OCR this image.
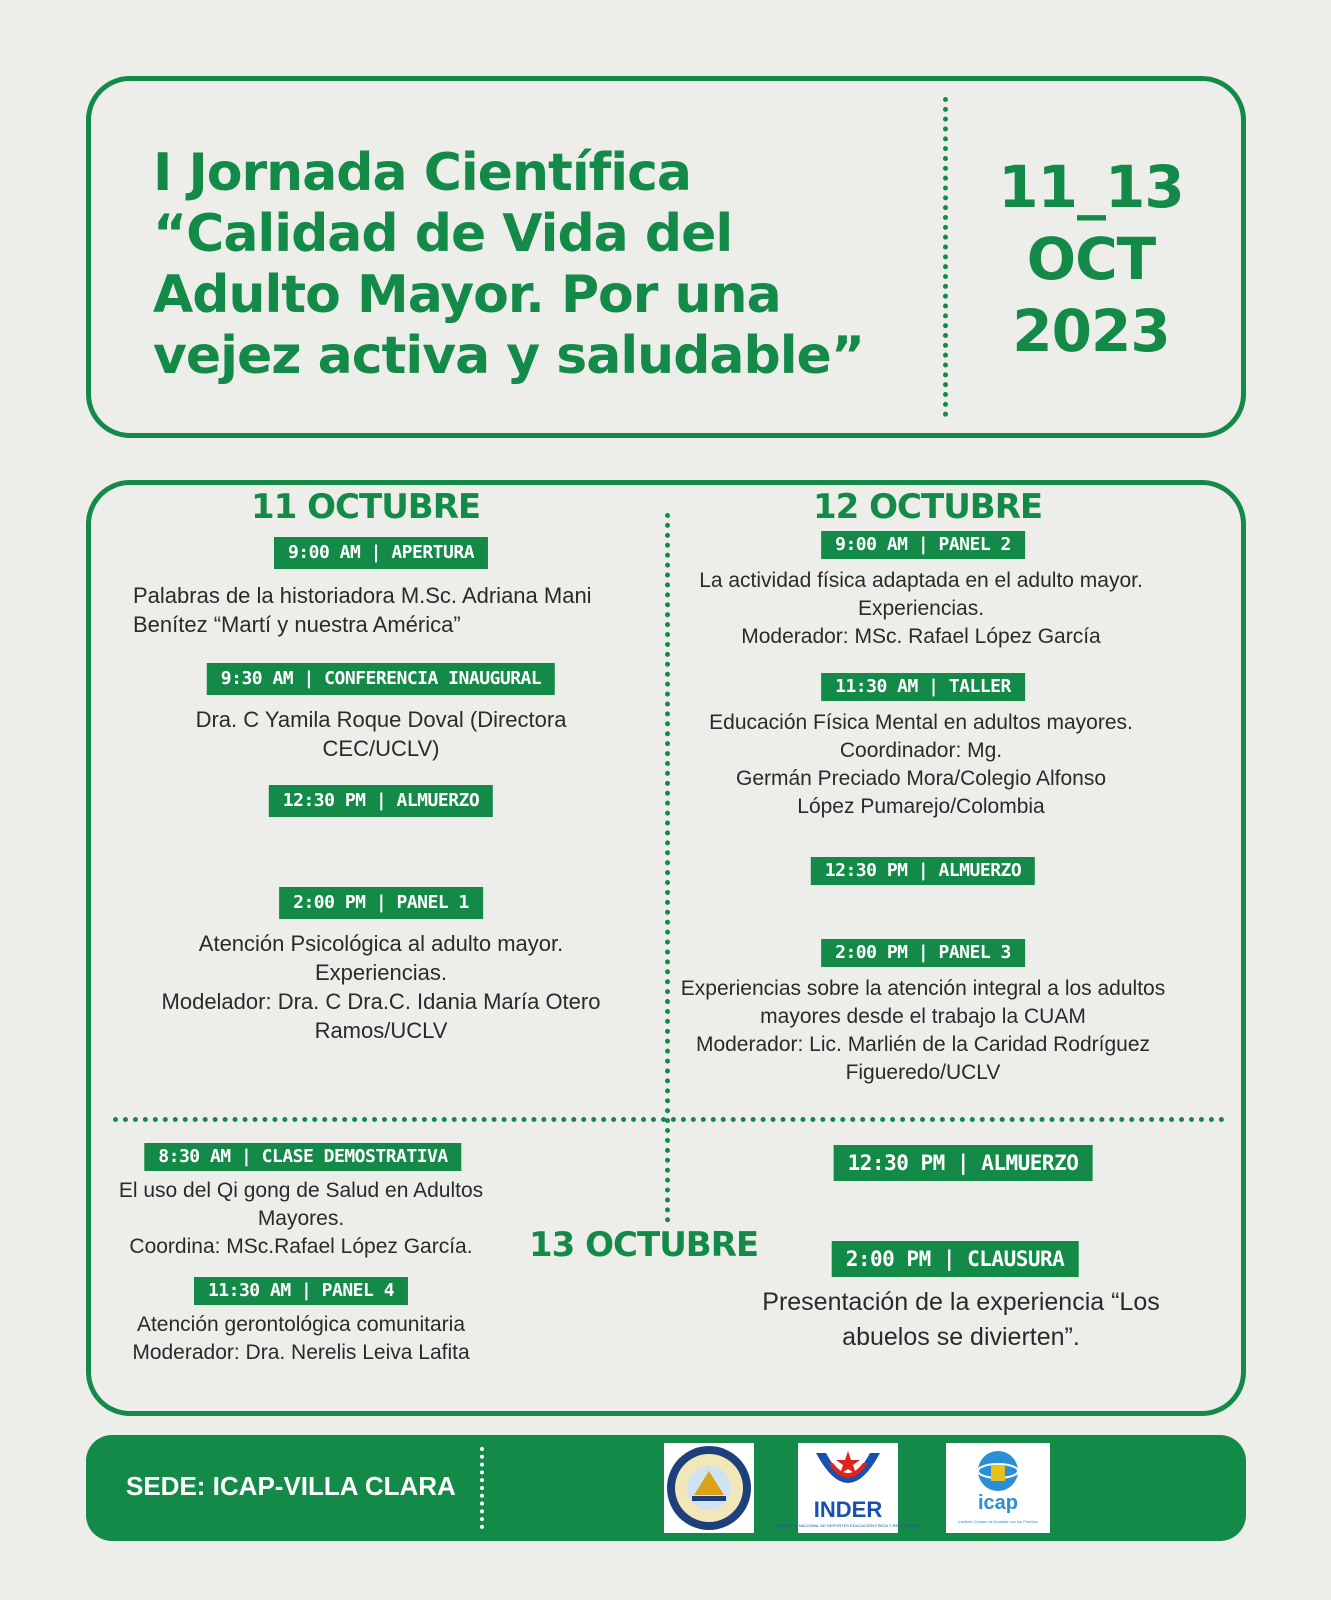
I Jornada Científica
“Calidad de Vida del
Adulto Mayor. Por una
vejez activa y saludable”
11_13
OCT
2023
11 OCTUBRE
9:00 AM | APERTURA
Palabras de la historiadora M.Sc. Adriana Mani
Benítez “Martí y nuestra América”
9:30 AM | CONFERENCIA INAUGURAL
Dra. C Yamila Roque Doval (Directora
CEC/UCLV)
12:30 PM | ALMUERZO
2:00 PM | PANEL 1
Atención Psicológica al adulto mayor.
Experiencias.
Modelador: Dra. C Dra.C. Idania María Otero
Ramos/UCLV
12 OCTUBRE
9:00 AM | PANEL 2
La actividad física adaptada en el adulto mayor.
Experiencias.
Moderador: MSc. Rafael López García
11:30 AM | TALLER
Educación Física Mental en adultos mayores.
Coordinador: Mg.
Germán Preciado Mora/Colegio Alfonso
López Pumarejo/Colombia
12:30 PM | ALMUERZO
2:00 PM | PANEL 3
Experiencias sobre la atención integral a los adultos
mayores desde el trabajo la CUAM
Moderador: Lic. Marlién de la Caridad Rodríguez
Figueredo/UCLV
13 OCTUBRE
8:30 AM | CLASE DEMOSTRATIVA
El uso del Qi gong de Salud en Adultos
Mayores.
Coordina: MSc.Rafael López García.
11:30 AM | PANEL 4
Atención gerontológica comunitaria
Moderador: Dra. Nerelis Leiva Lafita
12:30 PM | ALMUERZO
2:00 PM | CLAUSURA
Presentación de la experiencia “Los
abuelos se divierten”.
SEDE: ICAP-VILLA CLARA
INDER
INSTITUTO NACIONAL DE DEPORTES EDUCACIÓN FÍSICA Y RECREACIÓN
icap
Instituto Cubano de Amistad con los Pueblos
